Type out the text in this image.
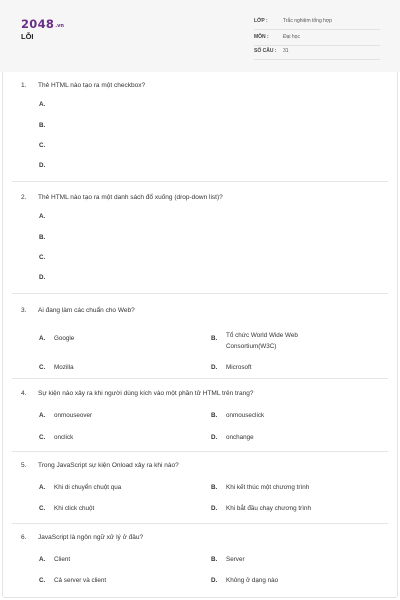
2048.vn
LỖI
LỚP :	Trắc nghiệm tổng hợp
MÔN :	Đại học
SỐ CÂU : 31
1. Thẻ HTML nào tạo ra một checkbox?
A.
B.
C.
D.
2. Thẻ HTML nào tạo ra một danh sách đổ xuống (drop-down list)?
A.
B.
C.
D.
3. Ai đang làm các chuẩn cho Web?
A. Google	B. Tổ chức World Wide Web Consortium(W3C)
C. Mozilla	D. Microsoft
4. Sự kiện nào xảy ra khi người dùng kích vào một phần tử HTML trên trang?
A. onmouseover	B. onmouseclick
C. onclick	D. onchange
5. Trong JavaScript sự kiện Onload xảy ra khi nào?
A. Khi di chuyển chuột qua	B. Khi kết thúc một chương trình
C. Khi click chuột	D. Khi bắt đầu chạy chương trình
6. JavaScript là ngôn ngữ xử lý ở đâu?
A. Client	B. Server
C. Cả server và client	D. Không ở dạng nào
